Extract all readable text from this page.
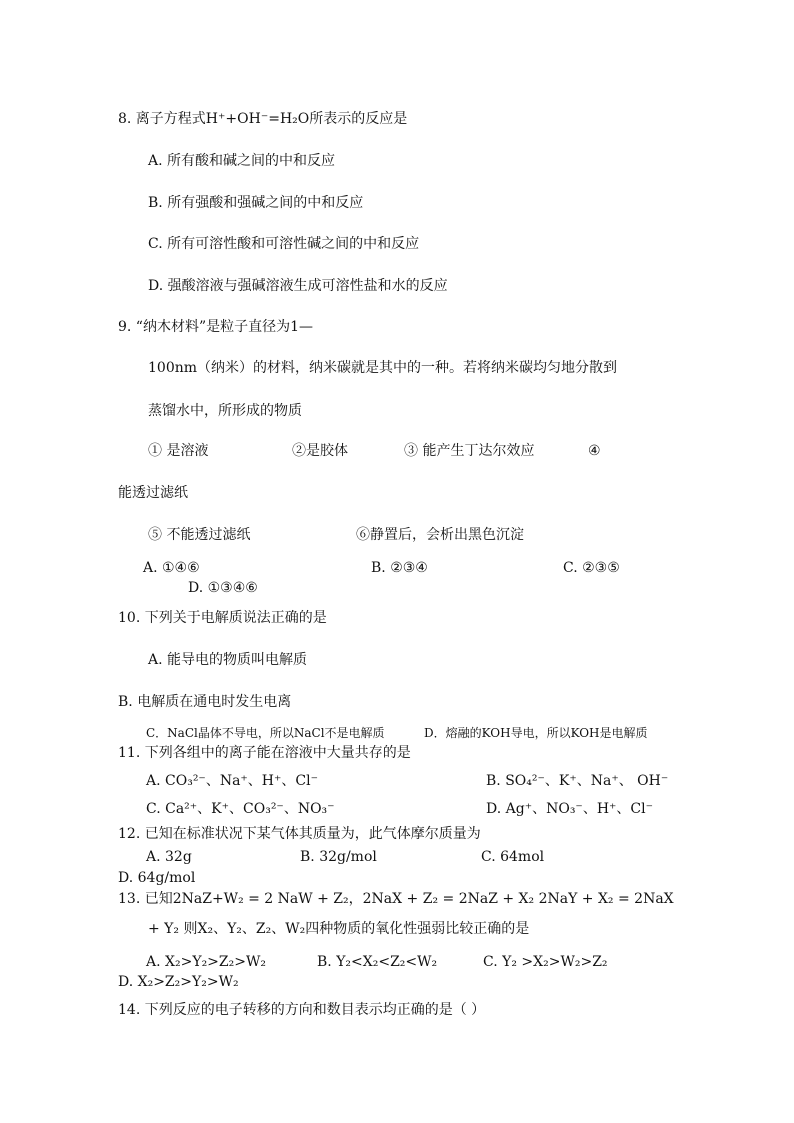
8. 离子方程式H⁺+OH⁻=H₂O所表示的反应是
A. 所有酸和碱之间的中和反应
B. 所有强酸和强碱之间的中和反应
C. 所有可溶性酸和可溶性碱之间的中和反应
D. 强酸溶液与强碱溶液生成可溶性盐和水的反应
9. “纳木材料”是粒子直径为1—
100nm（纳米）的材料，纳米碳就是其中的一种。若将纳米碳均匀地分散到
蒸馏水中，所形成的物质
① 是溶液	②是胶体	③ 能产生丁达尔效应	④
能透过滤纸
⑤ 不能透过滤纸	⑥静置后，会析出黑色沉淀
A. ①④⑥	B. ②③④	C. ②③⑤
D. ①③④⑥
10. 下列关于电解质说法正确的是
A. 能导电的物质叫电解质
B. 电解质在通电时发生电离
C．NaCl晶体不导电，所以NaCl不是电解质	D．熔融的KOH导电，所以KOH是电解质
11. 下列各组中的离子能在溶液中大量共存的是
A. CO₃²⁻、Na⁺、H⁺、Cl⁻	B. SO₄²⁻、K⁺、Na⁺、 OH⁻
C. Ca²⁺、K⁺、CO₃²⁻、NO₃⁻	D. Ag⁺、NO₃⁻、H⁺、Cl⁻
12. 已知在标准状况下某气体其质量为，此气体摩尔质量为
A. 32g	B. 32g/mol	C. 64mol
D. 64g/mol
13. 已知2NaZ+W₂ = 2 NaW + Z₂，2NaX + Z₂ = 2NaZ + X₂ 2NaY + X₂ = 2NaX
+ Y₂ 则X₂、Y₂、Z₂、W₂四种物质的氧化性强弱比较正确的是
A. X₂>Y₂>Z₂>W₂	B. Y₂<X₂<Z₂<W₂	C. Y₂ >X₂>W₂>Z₂
D. X₂>Z₂>Y₂>W₂
14. 下列反应的电子转移的方向和数目表示均正确的是（ ）
